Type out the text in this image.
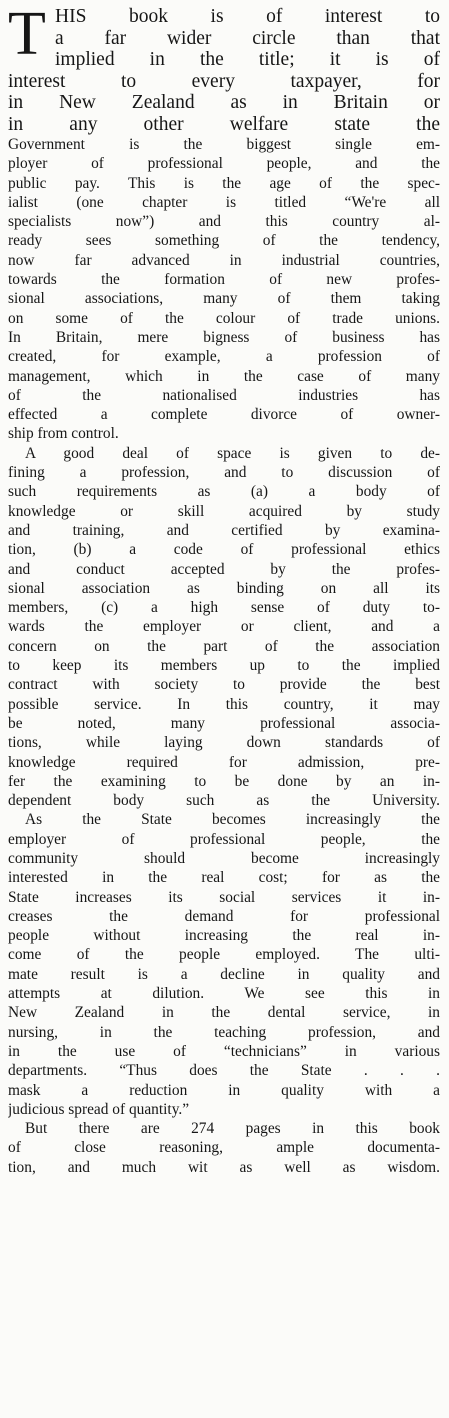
T HIS book is of interest to
a far wider circle than that
implied in the title; it is of
interest to every taxpayer, for
in New Zealand as in Britain or
in any other welfare state the
Government is the biggest single em-
ployer of professional people, and the
public pay. This is the age of the spec-
ialist (one chapter is titled “We're all
specialists now”) and this country al-
ready sees something of the tendency,
now far advanced in industrial countries,
towards the formation of new profes-
sional associations, many of them taking
on some of the colour of trade unions.
In Britain, mere bigness of business has
created, for example, a profession of
management, which in the case of many
of the nationalised industries has
effected a complete divorce of owner-
ship from control.
A good deal of space is given to de-
fining a profession, and to discussion of
such requirements as (a) a body of
knowledge or skill acquired by study
and training, and certified by examina-
tion, (b) a code of professional ethics
and conduct accepted by the profes-
sional association as binding on all its
members, (c) a high sense of duty to-
wards the employer or client, and a
concern on the part of the association
to keep its members up to the implied
contract with society to provide the best
possible service. In this country, it may
be noted, many professional associa-
tions, while laying down standards of
knowledge required for admission, pre-
fer the examining to be done by an in-
dependent body such as the University.
As the State becomes increasingly the
employer of professional people, the
community should become increasingly
interested in the real cost; for as the
State increases its social services it in-
creases the demand for professional
people without increasing the real in-
come of the people employed. The ulti-
mate result is a decline in quality and
attempts at dilution. We see this in
New Zealand in the dental service, in
nursing, in the teaching profession, and
in the use of “technicians” in various
departments. “Thus does the State . . .
mask a reduction in quality with a
judicious spread of quantity.”
But there are 274 pages in this book
of close reasoning, ample documenta-
tion, and much wit as well as wisdom.
